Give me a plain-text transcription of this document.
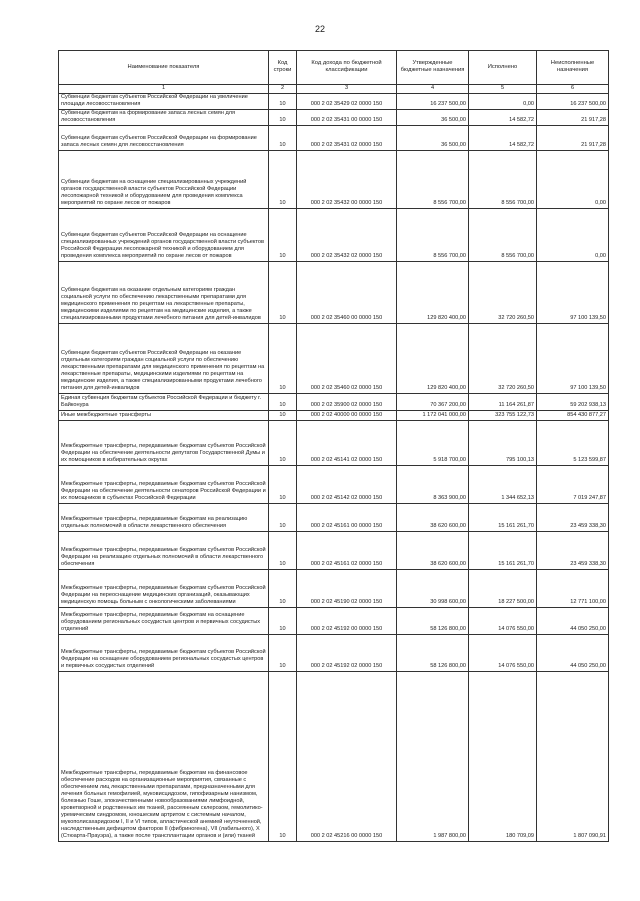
22
Наименование показателя	Код строки	Код дохода по бюджетной классификации	Утвержденные бюджетные назначения	Исполнено	Неисполненные назначения
1	2	3	4	5	6
Субвенции бюджетам субъектов Российской Федерации на увеличение площади лесовосстановления	10	000 2 02 35429 02 0000 150	16 237 500,00	0,00	16 237 500,00
Субвенции бюджетам на формирование запаса лесных семян для лесовосстановления	10	000 2 02 35431 00 0000 150	36 500,00	14 582,72	21 917,28
Субвенции бюджетам субъектов Российской Федерации на формирование запаса лесных семян для лесовосстановления	10	000 2 02 35431 02 0000 150	36 500,00	14 582,72	21 917,28
Субвенции бюджетам на оснащение специализированных учреждений органов государственной власти субъектов Российской Федерации лесопожарной техникой и оборудованием для проведения комплекса мероприятий по охране лесов от пожаров	10	000 2 02 35432 00 0000 150	8 556 700,00	8 556 700,00	0,00
Субвенции бюджетам субъектов Российской Федерации на оснащение специализированных учреждений органов государственной власти субъектов Российской Федерации лесопожарной техникой и оборудованием для проведения комплекса мероприятий по охране лесов от пожаров	10	000 2 02 35432 02 0000 150	8 556 700,00	8 556 700,00	0,00
Субвенции бюджетам на оказание отдельным категориям граждан социальной услуги по обеспечению лекарственными препаратами для медицинского применения по рецептам на лекарственные препараты, медицинскими изделиями по рецептам на медицинские изделия, а также специализированными продуктами лечебного питания для детей-инвалидов	10	000 2 02 35460 00 0000 150	129 820 400,00	32 720 260,50	97 100 139,50
Субвенции бюджетам субъектов Российской Федерации на оказание отдельным категориям граждан социальной услуги по обеспечению лекарственными препаратами для медицинского применения по рецептам на лекарственные препараты, медицинскими изделиями по рецептам на медицинские изделия, а также специализированными продуктами лечебного питания для детей-инвалидов	10	000 2 02 35460 02 0000 150	129 820 400,00	32 720 260,50	97 100 139,50
Единая субвенция бюджетам субъектов Российской Федерации и бюджету г. Байконура	10	000 2 02 35900 02 0000 150	70 367 200,00	11 164 261,87	59 202 938,13
Иные межбюджетные трансферты	10	000 2 02 40000 00 0000 150	1 172 041 000,00	323 755 122,73	854 430 877,27
Межбюджетные трансферты, передаваемые бюджетам субъектов Российской Федерации на обеспечение деятельности депутатов Государственной Думы и их помощников в избирательных округах	10	000 2 02 45141 02 0000 150	5 918 700,00	795 100,13	5 123 599,87
Межбюджетные трансферты, передаваемые бюджетам субъектов Российской Федерации на обеспечение деятельности сенаторов Российской Федерации и их помощников в субъектах Российской Федерации	10	000 2 02 45142 02 0000 150	8 363 900,00	1 344 652,13	7 019 247,87
Межбюджетные трансферты, передаваемые бюджетам на реализацию отдельных полномочий в области лекарственного обеспечения	10	000 2 02 45161 00 0000 150	38 620 600,00	15 161 261,70	23 459 338,30
Межбюджетные трансферты, передаваемые бюджетам субъектов Российской Федерации на реализацию отдельных полномочий в области лекарственного обеспечения	10	000 2 02 45161 02 0000 150	38 620 600,00	15 161 261,70	23 459 338,30
Межбюджетные трансферты, передаваемые бюджетам субъектов Российской Федерации на переоснащение медицинских организаций, оказывающих медицинскую помощь больным с онкологическими заболеваниями	10	000 2 02 45190 02 0000 150	30 998 600,00	18 227 500,00	12 771 100,00
Межбюджетные трансферты, передаваемые бюджетам на оснащение оборудованием региональных сосудистых центров и первичных сосудистых отделений	10	000 2 02 45192 00 0000 150	58 126 800,00	14 076 550,00	44 050 250,00
Межбюджетные трансферты, передаваемые бюджетам субъектов Российской Федерации на оснащение оборудованием региональных сосудистых центров и первичных сосудистых отделений	10	000 2 02 45192 02 0000 150	58 126 800,00	14 076 550,00	44 050 250,00
Межбюджетные трансферты, передаваемые бюджетам на финансовое обеспечение расходов на организационные мероприятия, связанные с обеспечением лиц лекарственными препаратами, предназначенными для лечения больных гемофилией, муковисцидозом, гипофизарным нанизмом, болезнью Гоше, злокачественными новообразованиями лимфоидной, кроветворной и родственных им тканей, рассеянным склерозом, гемолитико-уремическим синдромом, юношеским артритом с системным началом, мукополисахаридозом I, II и VI типов, апластической анемией неуточненной, наследственным дефицитом факторов II (фибриногена), VII (лабильного), X (Стюарта-Прауэра), а также после трансплантации органов и (или) тканей	10	000 2 02 45216 00 0000 150	1 987 800,00	180 709,09	1 807 090,91
